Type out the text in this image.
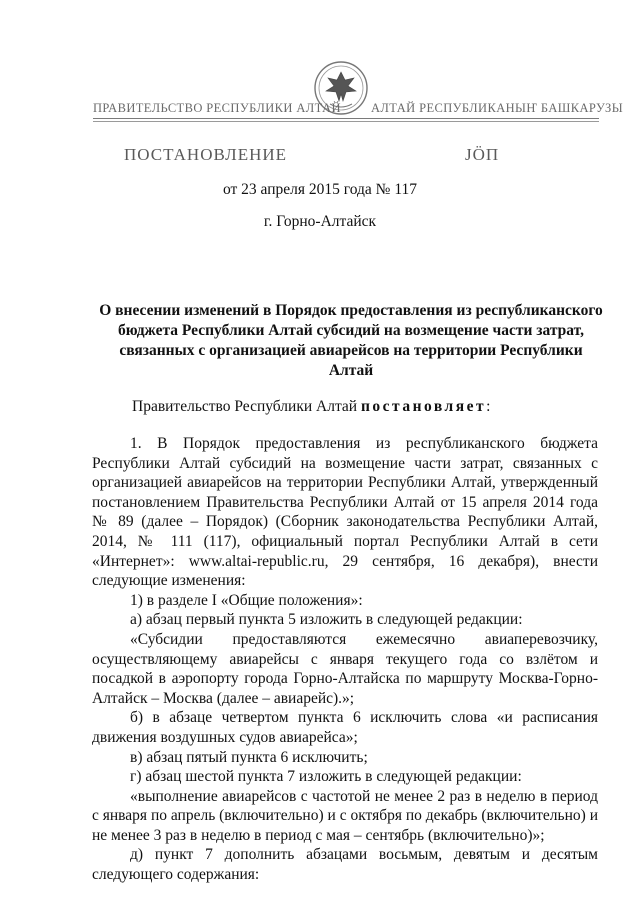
ПРАВИТЕЛЬСТВО РЕСПУБЛИКИ АЛТАЙ АЛТАЙ РЕСПУБЛИКАНЫҤ БАШКАРУЗЫ
ПОСТАНОВЛЕНИЕ	JӦП
от 23 апреля 2015 года № 117
г. Горно-Алтайск
О внесении изменений в Порядок предоставления из республиканского бюджета Республики Алтай субсидий на возмещение части затрат, связанных с организацией авиарейсов на территории Республики Алтай
Правительство Республики Алтай постановляет:

1. В Порядок предоставления из республиканского бюджета Республики Алтай субсидий на возмещение части затрат, связанных с организацией авиарейсов на территории Республики Алтай, утвержденный постановлением Правительства Республики Алтай от 15 апреля 2014 года № 89 (далее – Порядок) (Сборник законодательства Республики Алтай, 2014, № 111 (117), официальный портал Республики Алтай в сети «Интернет»: www.altai-republic.ru, 29 сентября, 16 декабря), внести следующие изменения:

1) в разделе I «Общие положения»:

а) абзац первый пункта 5 изложить в следующей редакции:

«Субсидии предоставляются ежемесячно авиаперевозчику, осуществляющему авиарейсы с января текущего года со взлётом и посадкой в аэропорту города Горно-Алтайска по маршруту Москва-Горно-Алтайск – Москва (далее – авиарейс).»;

б) в абзаце четвертом пункта 6 исключить слова «и расписания движения воздушных судов авиарейса»;

в) абзац пятый пункта 6 исключить;

г) абзац шестой пункта 7 изложить в следующей редакции:

«выполнение авиарейсов с частотой не менее 2 раз в неделю в период с января по апрель (включительно) и с октября по декабрь (включительно) и не менее 3 раз в неделю в период с мая – сентябрь (включительно)»;

д) пункт 7 дополнить абзацами восьмым, девятым и десятым следующего содержания:
